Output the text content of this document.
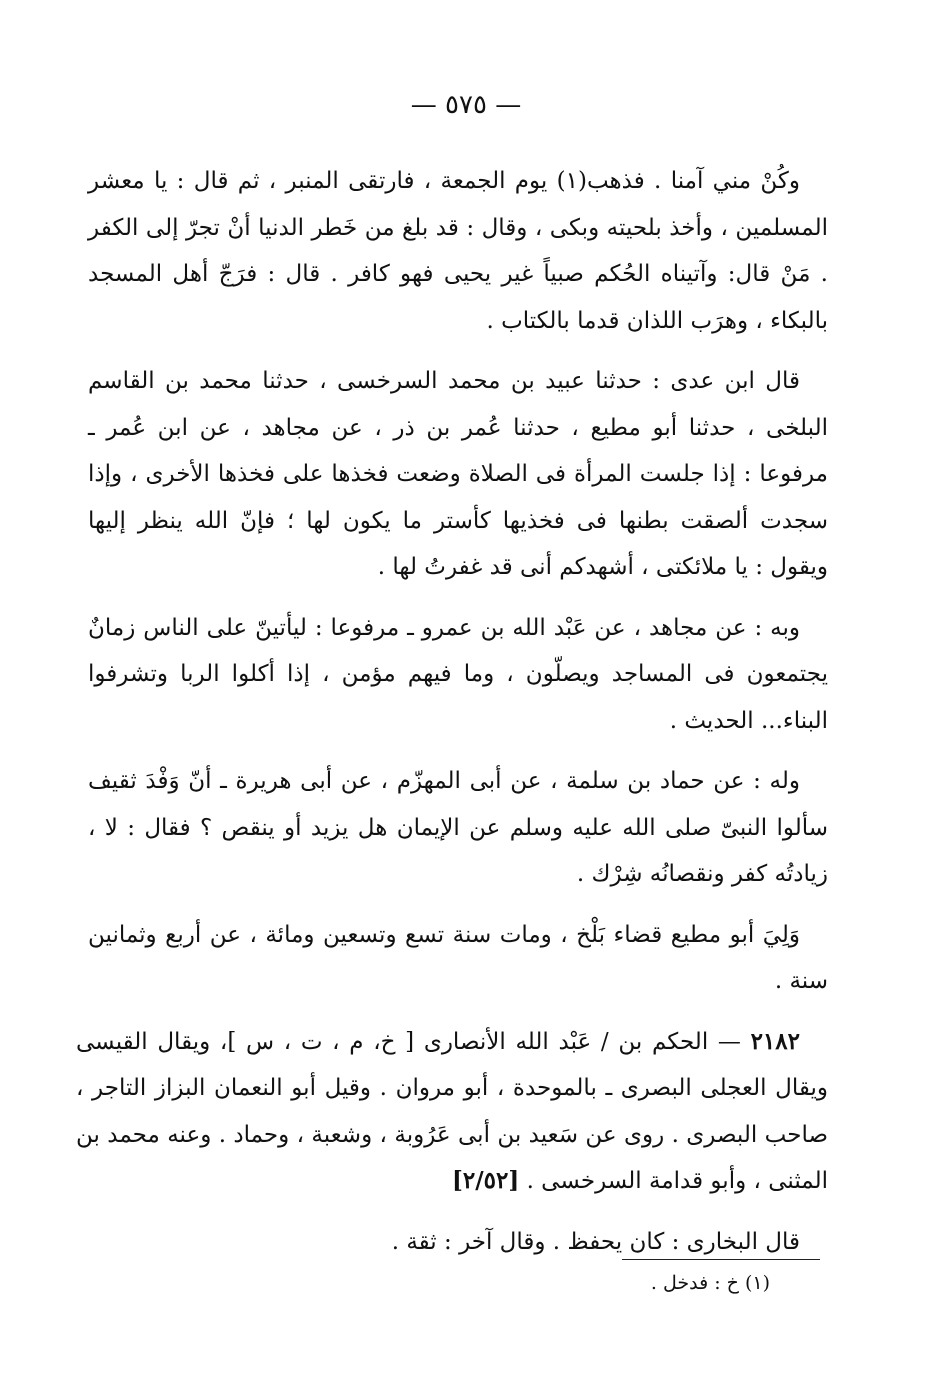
— ٥٧٥ —

وكُنْ مني آمنا . فذهب(١) يوم الجمعة ، فارتقى المنبر ، ثم قال : يا معشر المسلمين ، وأخذ بلحيته وبكى ، وقال : قد بلغ من خَطر الدنيا أنْ تجرّ إلى الكفر . مَنْ قال: وآتيناه الحُكم صبياً غير يحيى فهو كافر . قال : فرَجّ أهل المسجد بالبكاء ، وهرَب اللذان قدما بالكتاب .

قال ابن عدى : حدثنا عبيد بن محمد السرخسى ، حدثنا محمد بن القاسم البلخى ، حدثنا أبو مطيع ، حدثنا عُمر بن ذر ، عن مجاهد ، عن ابن عُمر ـ مرفوعا : إذا جلست المرأة فى الصلاة وضعت فخذها على فخذها الأخرى ، وإذا سجدت ألصقت بطنها فى فخذيها كأستر ما يكون لها ؛ فإنّ الله ينظر إليها ويقول : يا ملائكتى ، أشهدكم أنى قد غفرتُ لها .

وبه : عن مجاهد ، عن عَبْد الله بن عمرو ـ مرفوعا : ليأتينّ على الناس زمانٌ يجتمعون فى المساجد ويصلّون ، وما فيهم مؤمن ، إذا أكلوا الربا وتشرفوا البناء... الحديث .

وله : عن حماد بن سلمة ، عن أبى المهزّم ، عن أبى هريرة ـ أنّ وَفْدَ ثقيف سألوا النبىّ صلى الله عليه وسلم عن الإيمان هل يزيد أو ينقص ؟ فقال : لا ، زيادتُه كفر ونقصانُه شِرْك .

وَلِيَ أبو مطيع قضاء بَلْخ ، ومات سنة تسع وتسعين ومائة ، عن أربع وثمانين سنة .

٢١٨٢ — الحكم بن / عَبْد الله الأنصارى [ خ، م ، ت ، س ]، ويقال القيسى ويقال العجلى البصرى ـ بالموحدة ، أبو مروان . وقيل أبو النعمان البزاز التاجر ، صاحب البصرى . روى عن سَعيد بن أبى عَرُوبة ، وشعبة ، وحماد . وعنه محمد بن المثنى ، وأبو قدامة السرخسى . [٢/٥٢]

قال البخارى : كان يحفظ . وقال آخر : ثقة .

(١) خ : فدخل .
